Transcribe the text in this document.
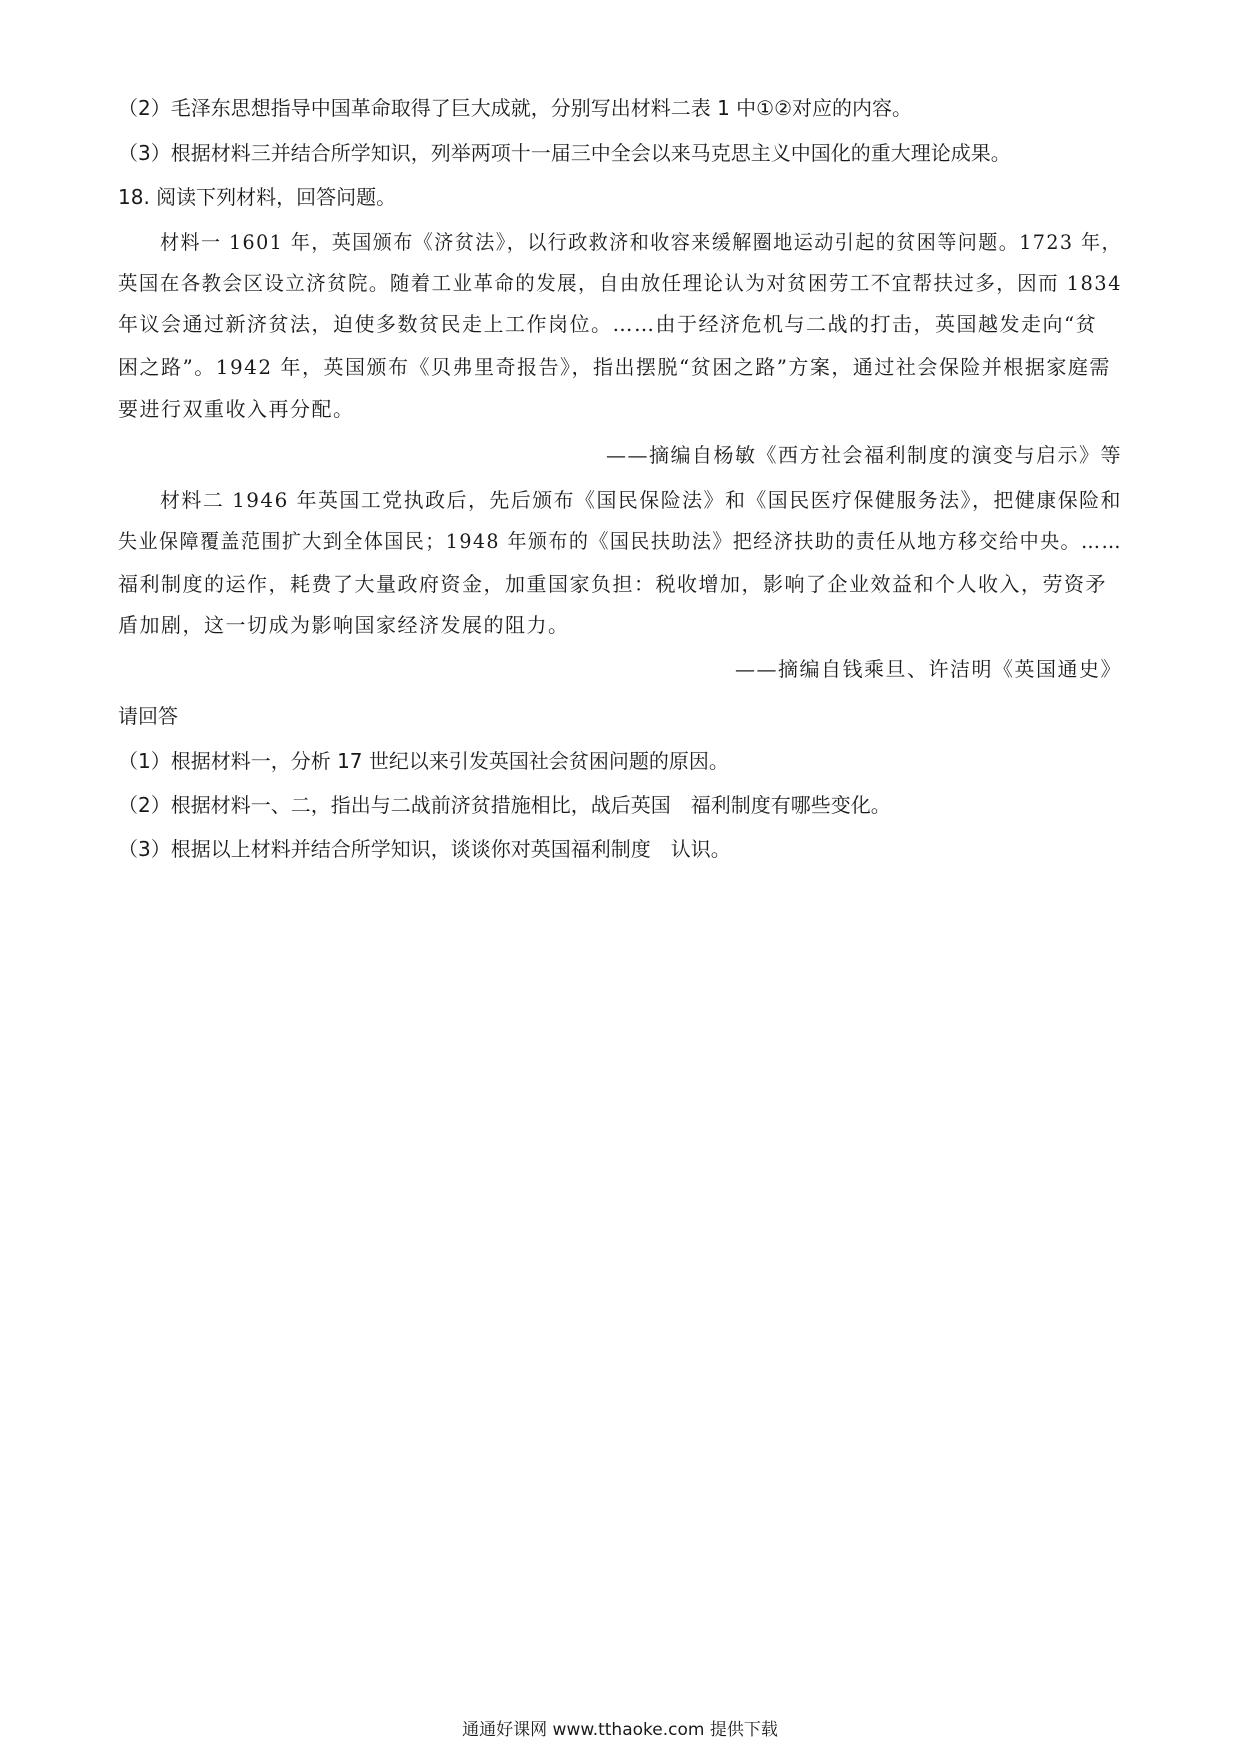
（2）毛泽东思想指导中国革命取得了巨大成就，分别写出材料二表 1 中①②对应的内容。
（3）根据材料三并结合所学知识，列举两项十一届三中全会以来马克思主义中国化的重大理论成果。
18. 阅读下列材料，回答问题。
材料一 1601 年，英国颁布《济贫法》，以行政救济和收容来缓解圈地运动引起的贫困等问题。1723 年，
英国在各教会区设立济贫院。随着工业革命的发展，自由放任理论认为对贫困劳工不宜帮扶过多，因而 1834
年议会通过新济贫法，迫使多数贫民走上工作岗位。……由于经济危机与二战的打击，英国越发走向“贫
困之路”。1942 年，英国颁布《贝弗里奇报告》，指出摆脱“贫困之路”方案，通过社会保险并根据家庭需
要进行双重收入再分配。
——摘编自杨敏《西方社会福利制度的演变与启示》等
材料二 1946 年英国工党执政后，先后颁布《国民保险法》和《国民医疗保健服务法》，把健康保险和
失业保障覆盖范围扩大到全体国民；1948 年颁布的《国民扶助法》把经济扶助的责任从地方移交给中央。……
福利制度的运作，耗费了大量政府资金，加重国家负担：税收增加，影响了企业效益和个人收入，劳资矛
盾加剧，这一切成为影响国家经济发展的阻力。
——摘编自钱乘旦、许洁明《英国通史》
请回答
（1）根据材料一，分析 17 世纪以来引发英国社会贫困问题的原因。
（2）根据材料一、二，指出与二战前济贫措施相比，战后英国　福利制度有哪些变化。
（3）根据以上材料并结合所学知识，谈谈你对英国福利制度　认识。
通通好课网 www.tthaoke.com 提供下载
